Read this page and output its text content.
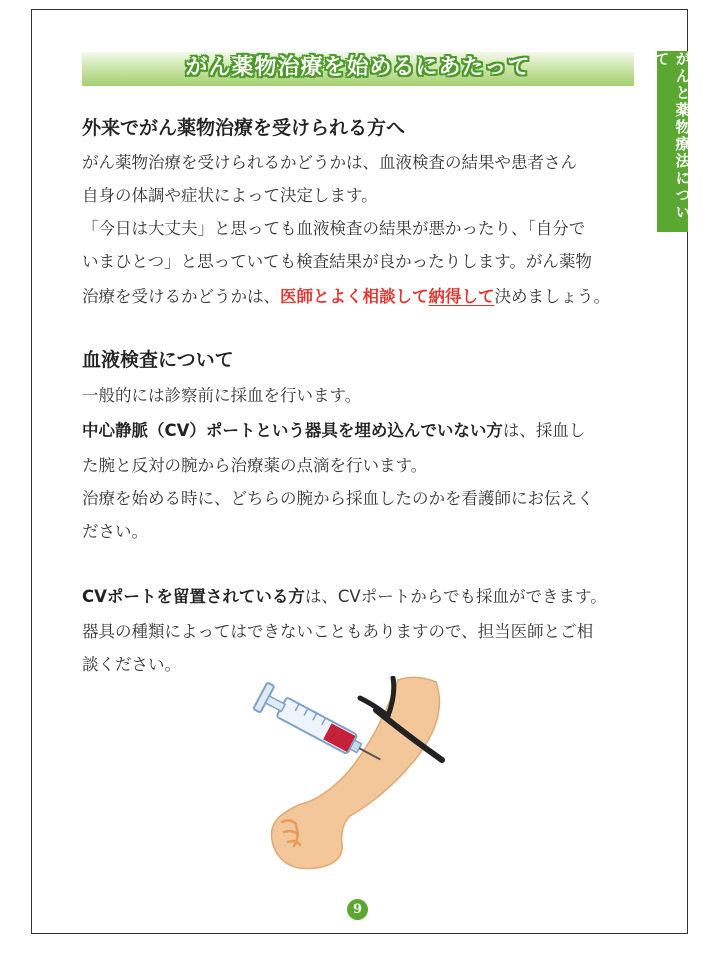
がん薬物治療を始めるにあたって	がんと薬物療法について
外来でがん薬物治療を受けられる方へ

がん薬物治療を受けられるかどうかは、血液検査の結果や患者さん

自身の体調や症状によって決定します。

「今日は大丈夫」と思っても血液検査の結果が悪かったり、「自分で

いまひとつ」と思っていても検査結果が良かったりします。がん薬物

治療を受けるかどうかは、医師とよく相談して納得して決めましょう。

血液検査について

一般的には診察前に採血を行います。

中心静脈（CV）ポートという器具を埋め込んでいない方は、採血し

た腕と反対の腕から治療薬の点滴を行います。

治療を始める時に、どちらの腕から採血したのかを看護師にお伝えく

ださい。

CVポートを留置されている方は、CVポートからでも採血ができます。

器具の種類によってはできないこともありますので、担当医師とご相

談ください。

9
